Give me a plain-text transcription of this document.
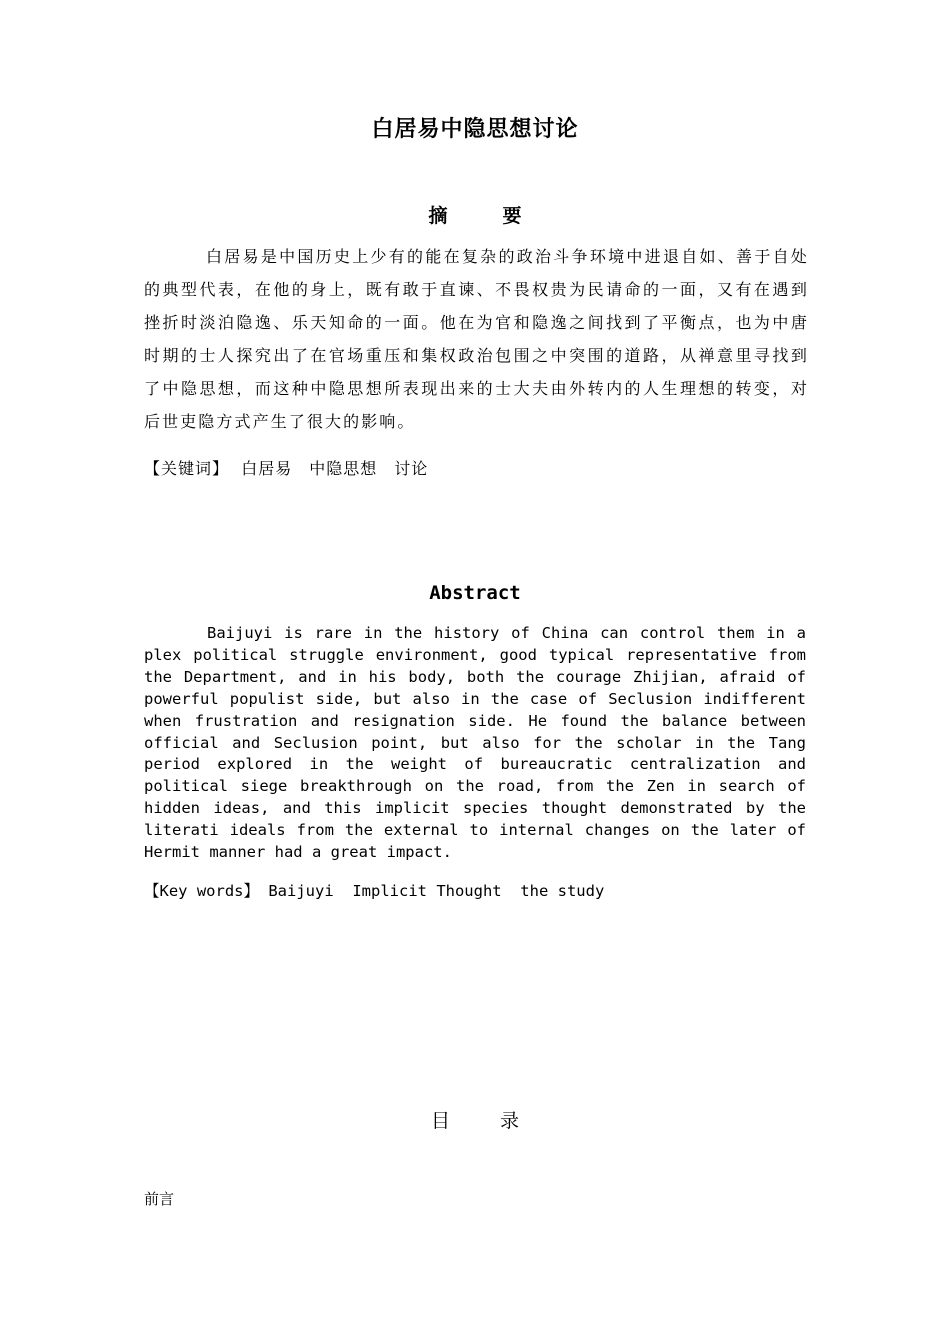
白居易中隐思想讨论
摘　要

白居易是中国历史上少有的能在复杂的政治斗争环境中进退自如、善于自处的典型代表，在他的身上，既有敢于直谏、不畏权贵为民请命的一面，又有在遇到挫折时淡泊隐逸、乐天知命的一面。他在为官和隐逸之间找到了平衡点，也为中唐时期的士人探究出了在官场重压和集权政治包围之中突围的道路，从禅意里寻找到了中隐思想，而这种中隐思想所表现出来的士大夫由外转内的人生理想的转变，对后世吏隐方式产生了很大的影响。

【关键词】 白居易　中隐思想　讨论
Abstract

Baijuyi is rare in the history of China can control them in a plex political struggle environment, good typical representative from the Department, and in his body, both the courage Zhijian, afraid of powerful populist side, but also in the case of Seclusion indifferent when frustration and resignation side. He found the balance between official and Seclusion point, but also for the scholar in the Tang period explored in the weight of bureaucratic centralization and political siege breakthrough on the road, from the Zen in search of hidden ideas, and this implicit species thought demonstrated by the literati ideals from the external to internal changes on the later of Hermit manner had a great impact.

【Key words】 Baijuyi  Implicit Thought  the study
目 录
前言
